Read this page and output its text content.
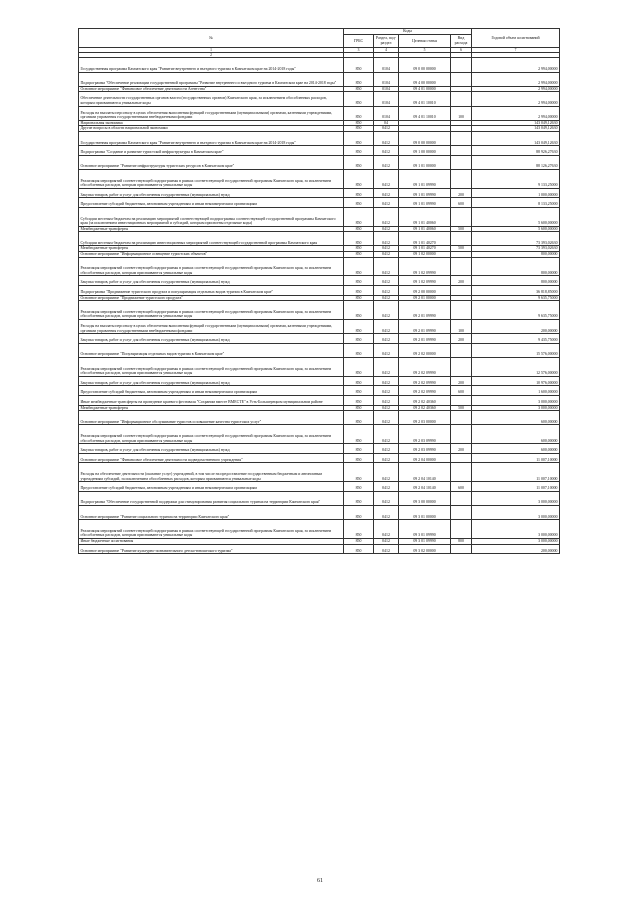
№	Коды				Годовой объем ассигнований
	ГРБС	Раздел, под-раздел	Целевая статья	Вид расхода	
1	3	4	5	6	7
2					
Государственная программа Камчатского края "Развитие внутреннего и въездного туризма в Камчатском крае на 2014-2018 годы"	850	0104	09 0 00 00000		2 994,00000
Подпрограмма "Обеспечение реализации государственной программы "Развитие внутреннего и въездного туризма в Камчатском крае на 2014-2018 годы"	850	0104	09 4 00 00000		2 994,00000
Основное мероприятие "Финансовое обеспечение деятельности Агентства"	850	0104	09 4 01 00000		2 994,00000
Обеспечение деятельности государственных органов власти (государственных органов) Камчатского края, за исключением обособленных расходов, которым присваиваются уникальные коды	850	0104	09 4 01 10010		2 994,00000
Расходы на выплаты персоналу в целях обеспечения выполнения функций государственными (муниципальными) органами, казенными учреждениями, органами управления государственными внебюджетными фондами	850	0104	09 4 01 10010	100	2 994,00000
Национальная экономика	850	04			143 049,12630
Другие вопросы в области национальной экономики	850	0412			143 049,12630
Государственная программа Камчатского края "Развитие внутреннего и въездного туризма в Камчатском крае на 2014-2018 годы"	850	0412	09 0 00 00000		143 049,12630
Подпрограмма "Создание и развитие туристской инфраструктуры в Камчатском крае"	850	0412	09 1 00 00000		88 926,27630
Основное мероприятие "Развитие инфраструктуры туристских ресурсов в Камчатском крае"	850	0412	09 1 01 00000		88 126,27630
Реализация мероприятий соответствующей подпрограммы в рамках соответствующей государственной программы Камчатского края, за исключением обособленных расходов, которым присваиваются уникальные коды	850	0412	09 1 01 09990		9 133,25000
Закупка товаров, работ и услуг для обеспечения государственных (муниципальных) нужд	850	0412	09 1 01 09990	200	1 000,00000
Предоставление субсидий бюджетным, автономным учреждениям и иным некоммерческим организациям	850	0412	09 1 01 09990	600	8 133,25000
Субсидии местным бюджетам на реализацию мероприятий соответствующей подпрограммы соответствующей государственной программы Камчатского края (за исключением инвестиционных мероприятий и субсидий, которым присвоены отдельные коды)	850	0412	09 1 01 40060		5 600,00000
Межбюджетные трансферты	850	0412	09 1 01 40060	500	5 600,00000
Субсидии местным бюджетам на реализацию инвестиционных мероприятий соответствующей государственной программы Камчатского края	850	0412	09 1 01 40270		73 393,02630
Межбюджетные трансферты	850	0412	09 1 01 40270	500	73 393,02630
Основное мероприятие "Информационное освещение туристских объектов"	850	0412	09 1 02 00000		800,00000
Реализация мероприятий соответствующей подпрограммы в рамках соответствующей государственной программы Камчатского края, за исключением обособленных расходов, которым присваиваются уникальные коды	850	0412	09 1 02 09990		800,00000
Закупка товаров, работ и услуг для обеспечения государственных (муниципальных) нужд	850	0412	09 1 02 09990	200	800,00000
Подпрограмма "Продвижение туристского продукта и популяризация отдельных видов туризма в Камчатском крае"	850	0412	09 2 00 00000		36 818,85000
Основное мероприятие "Продвижение туристского продукта"	850	0412	09 2 01 00000		9 635,75000
Реализация мероприятий соответствующей подпрограммы в рамках соответствующей государственной программы Камчатского края, за исключением обособленных расходов, которым присваиваются уникальные коды	850	0412	09 2 01 09990		9 635,75000
Расходы на выплаты персоналу в целях обеспечения выполнения функций государственными (муниципальными) органами, казенными учреждениями, органами управления государственными внебюджетными фондами	850	0412	09 2 01 09990	100	200,00000
Закупка товаров, работ и услуг для обеспечения государственных (муниципальных) нужд	850	0412	09 2 01 09990	200	9 435,75000
Основное мероприятие "Популяризация отдельных видов туризма в Камчатском крае"	850	0412	09 2 02 00000		15 576,00000
Реализация мероприятий соответствующей подпрограммы в рамках соответствующей государственной программы Камчатского края, за исключением обособленных расходов, которым присваиваются уникальные коды	850	0412	09 2 02 09990		12 576,00000
Закупка товаров, работ и услуг для обеспечения государственных (муниципальных) нужд	850	0412	09 2 02 09990	200	10 976,00000
Предоставление субсидий бюджетным, автономным учреждениям и иным некоммерческим организациям	850	0412	09 2 02 09990	600	1 600,00000
Иные межбюджетные трансферты на проведение краевого фестиваля "Сохраним вместе ВМЕСТЕ" в Усть-Большерецком муниципальном районе	850	0412	09 2 02 40360		3 000,00000
Межбюджетные трансферты	850	0412	09 2 02 40360	500	3 000,00000
Основное мероприятие "Информационное обслуживание туристов и повышение качества туристских услуг"	850	0412	09 2 03 00000		600,00000
Реализация мероприятий соответствующей подпрограммы в рамках соответствующей государственной программы Камчатского края, за исключением обособленных расходов, которым присваиваются уникальные коды	850	0412	09 2 03 09990		600,00000
Закупка товаров, работ и услуг для обеспечения государственных (муниципальных) нужд	850	0412	09 2 03 09990	200	600,00000
Основное мероприятие "Финансовое обеспечение деятельности подведомственного учреждения"	850	0412	09 2 04 00000		11 007,10000
Расходы на обеспечение деятельности (оказание услуг) учреждений, в том числе на предоставление государственным бюджетным и автономным учреждениям субсидий, за исключением обособленных расходов, которым присваиваются уникальные коды	850	0412	09 2 04 10140		11 007,10000
Предоставление субсидий бюджетным, автономным учреждениям и иным некоммерческим организациям	850	0412	09 2 04 10140	600	11 007,10000
Подпрограмма "Обеспечение государственной поддержки для стимулирования развития социального туризма на территории Камчатского края"	850	0412	09 3 00 00000		3 000,00000
Основное мероприятие "Развитие социального туризма на территории Камчатского края"	850	0412	09 3 01 00000		3 000,00000
Реализация мероприятий соответствующей подпрограммы в рамках соответствующей государственной программы Камчатского края, за исключением обособленных расходов, которым присваиваются уникальные коды	850	0412	09 3 01 09990		3 000,00000
Иные бюджетные ассигнования	850	0412	09 3 01 09990	800	3 000,00000
Основное мероприятие "Развитие культурно-познавательного детско-юношеского туризма"	850	0412	09 3 02 00000		200,00000
61
